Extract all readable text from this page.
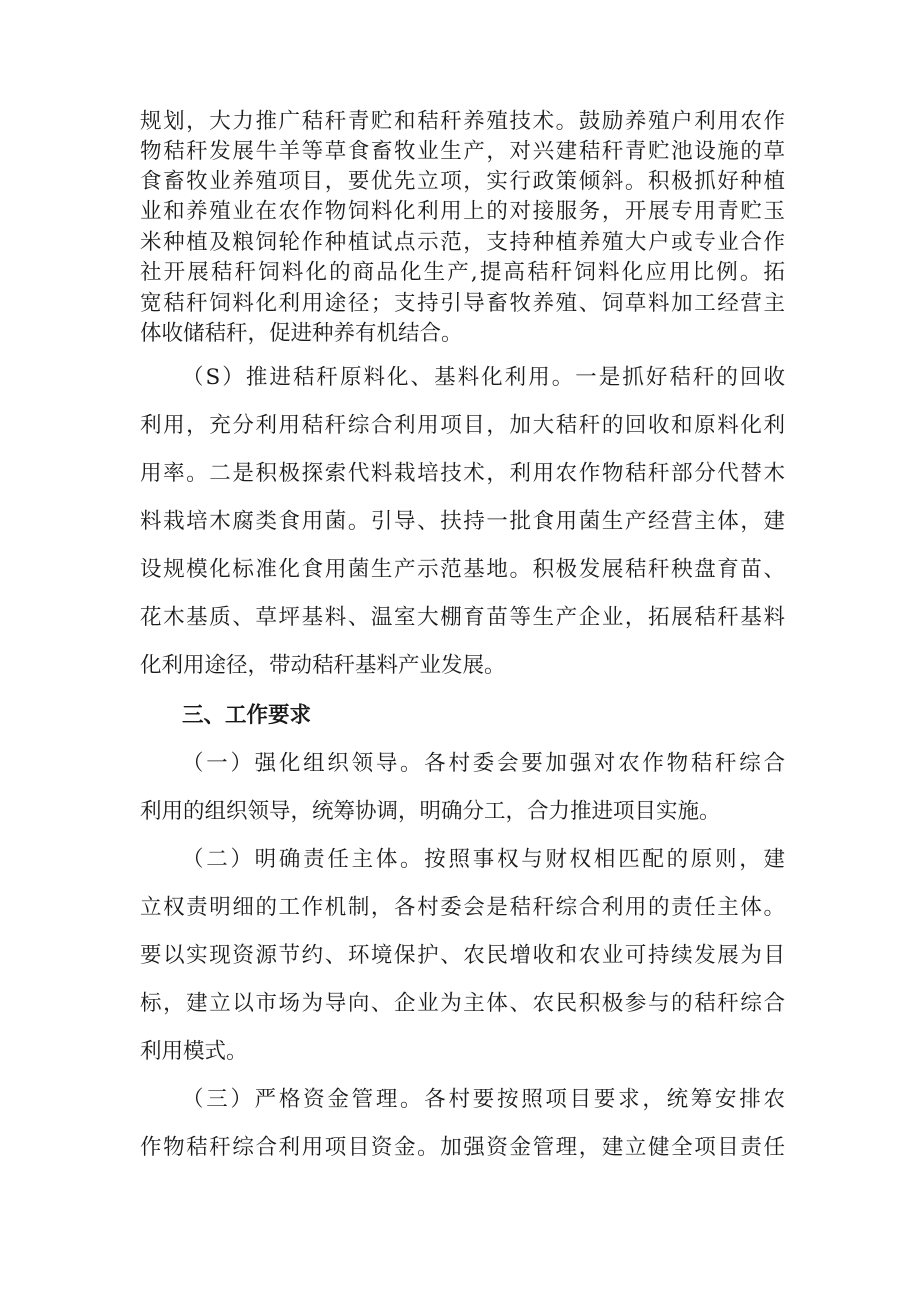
规划，大力推广秸秆青贮和秸秆养殖技术。鼓励养殖户利用农作
物秸秆发展牛羊等草食畜牧业生产，对兴建秸秆青贮池设施的草
食畜牧业养殖项目，要优先立项，实行政策倾斜。积极抓好种植
业和养殖业在农作物饲料化利用上的对接服务，开展专用青贮玉
米种植及粮饲轮作种植试点示范，支持种植养殖大户或专业合作
社开展秸秆饲料化的商品化生产,提高秸秆饲料化应用比例。拓
宽秸秆饲料化利用途径；支持引导畜牧养殖、饲草料加工经营主
体收储秸秆，促进种养有机结合。
（S）推进秸秆原料化、基料化利用。一是抓好秸秆的回收
利用，充分利用秸秆综合利用项目，加大秸秆的回收和原料化利
用率。二是积极探索代料栽培技术，利用农作物秸秆部分代替木
料栽培木腐类食用菌。引导、扶持一批食用菌生产经营主体，建
设规模化标准化食用菌生产示范基地。积极发展秸秆秧盘育苗、
花木基质、草坪基料、温室大棚育苗等生产企业，拓展秸秆基料
化利用途径，带动秸秆基料产业发展。
三、工作要求
（一）强化组织领导。各村委会要加强对农作物秸秆综合
利用的组织领导，统筹协调，明确分工，合力推进项目实施。
（二）明确责任主体。按照事权与财权相匹配的原则，建
立权责明细的工作机制，各村委会是秸秆综合利用的责任主体。
要以实现资源节约、环境保护、农民增收和农业可持续发展为目
标，建立以市场为导向、企业为主体、农民积极参与的秸秆综合
利用模式。
（三）严格资金管理。各村要按照项目要求，统筹安排农
作物秸秆综合利用项目资金。加强资金管理，建立健全项目责任
